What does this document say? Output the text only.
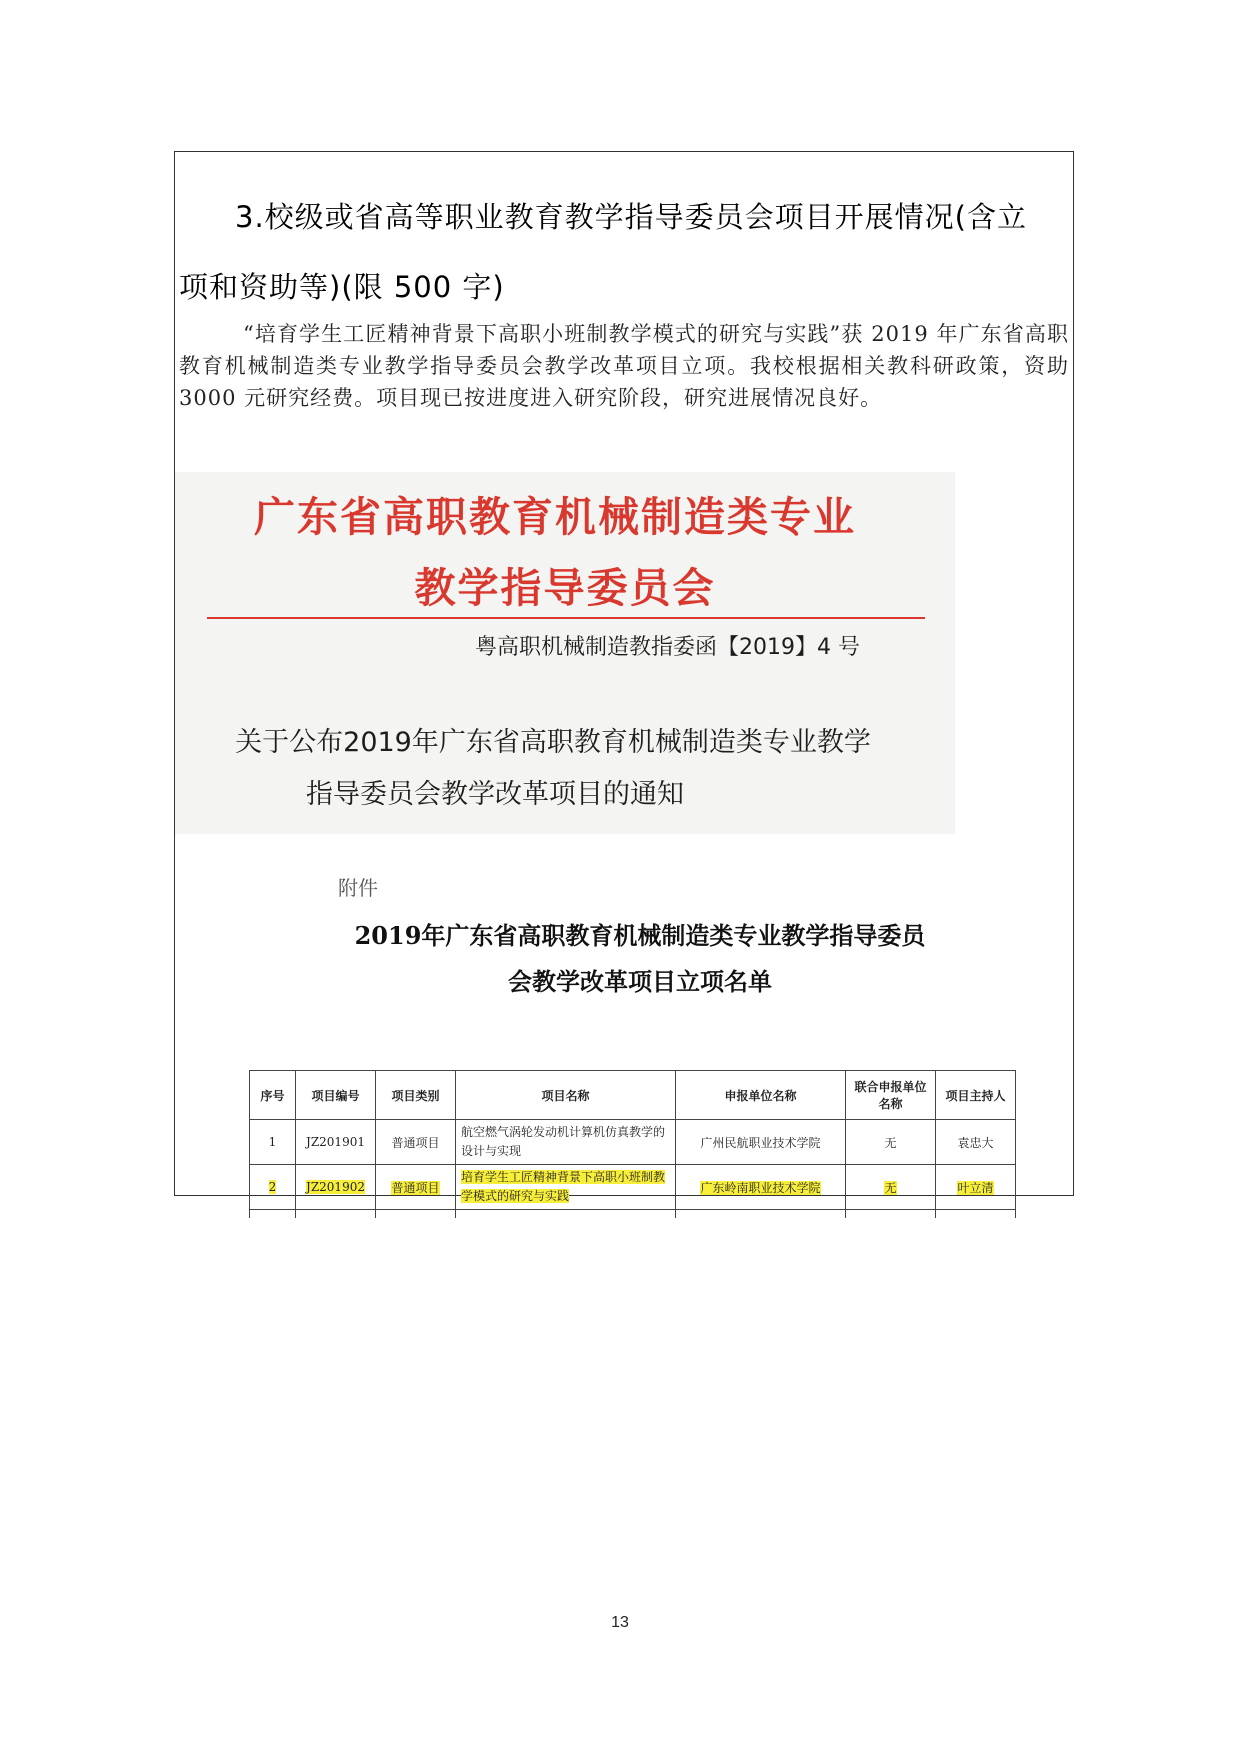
3.校级或省高等职业教育教学指导委员会项目开展情况(含立
项和资助等)(限 500 字)
“培育学生工匠精神背景下高职小班制教学模式的研究与实践”获 2019 年广东省高职教育机械制造类专业教学指导委员会教学改革项目立项。我校根据相关教科研政策，资助 3000 元研究经费。项目现已按进度进入研究阶段，研究进展情况良好。
广东省高职教育机械制造类专业
教学指导委员会
粤高职机械制造教指委函【2019】4 号
关于公布2019年广东省高职教育机械制造类专业教学
指导委员会教学改革项目的通知
附件
2019年广东省高职教育机械制造类专业教学指导委员
会教学改革项目立项名单
序号	项目编号	项目类别	项目名称	申报单位名称	联合申报单位名称	项目主持人
1	JZ201901	普通项目	航空燃气涡轮发动机计算机仿真教学的设计与实现	广州民航职业技术学院	无	袁忠大
2	JZ201902	普通项目	培育学生工匠精神背景下高职小班制教学模式的研究与实践	广东岭南职业技术学院	无	叶立清

13
